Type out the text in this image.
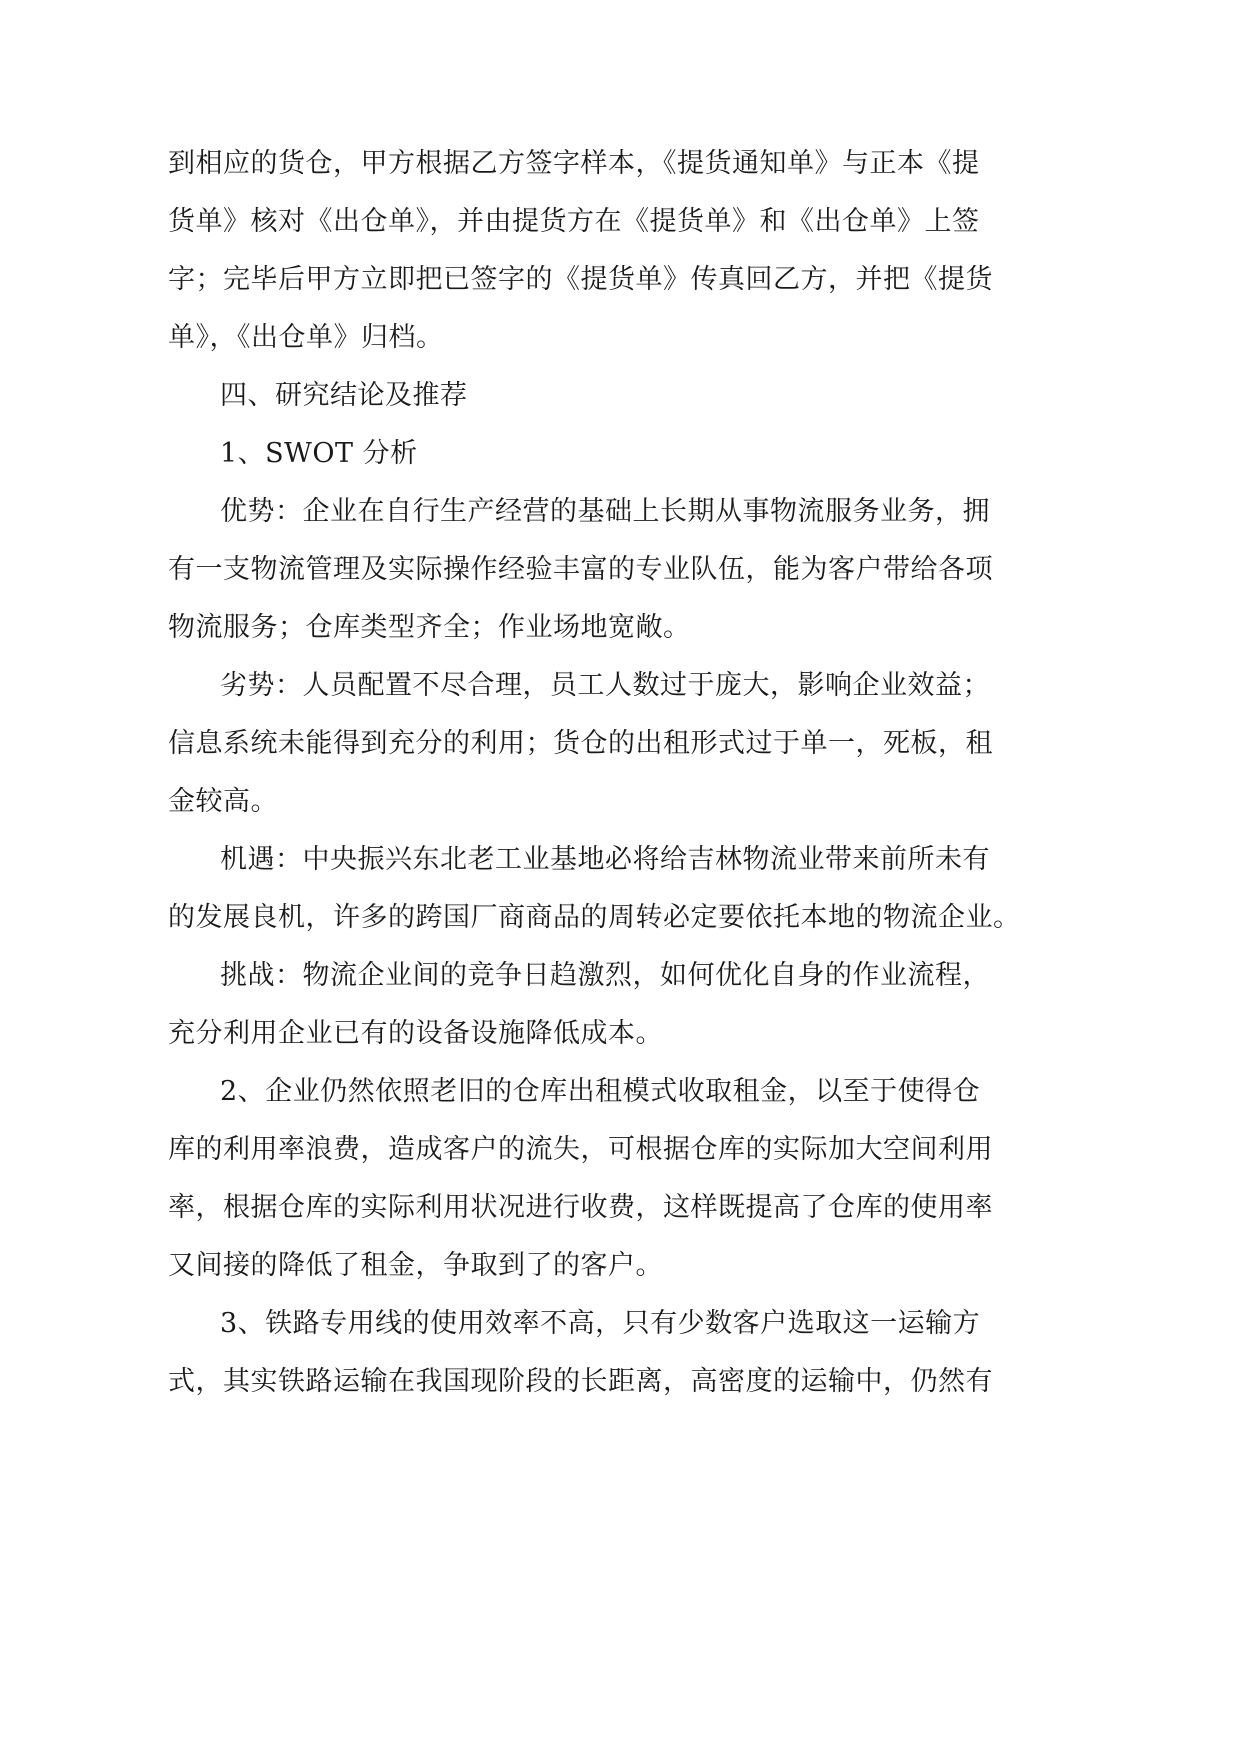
到相应的货仓，甲方根据乙方签字样本，《提货通知单》与正本《提
货单》核对《出仓单》，并由提货方在《提货单》和《出仓单》上签
字；完毕后甲方立即把已签字的《提货单》传真回乙方，并把《提货
单》，《出仓单》归档。
四、研究结论及推荐
1、SWOT 分析
优势：企业在自行生产经营的基础上长期从事物流服务业务，拥
有一支物流管理及实际操作经验丰富的专业队伍，能为客户带给各项
物流服务；仓库类型齐全；作业场地宽敞。
劣势：人员配置不尽合理，员工人数过于庞大，影响企业效益；
信息系统未能得到充分的利用；货仓的出租形式过于单一，死板，租
金较高。
机遇：中央振兴东北老工业基地必将给吉林物流业带来前所未有
的发展良机，许多的跨国厂商商品的周转必定要依托本地的物流企业。
挑战：物流企业间的竞争日趋激烈，如何优化自身的作业流程，
充分利用企业已有的设备设施降低成本。
2、企业仍然依照老旧的仓库出租模式收取租金，以至于使得仓
库的利用率浪费，造成客户的流失，可根据仓库的实际加大空间利用
率，根据仓库的实际利用状况进行收费，这样既提高了仓库的使用率
又间接的降低了租金，争取到了的客户。
3、铁路专用线的使用效率不高，只有少数客户选取这一运输方
式，其实铁路运输在我国现阶段的长距离，高密度的运输中，仍然有
